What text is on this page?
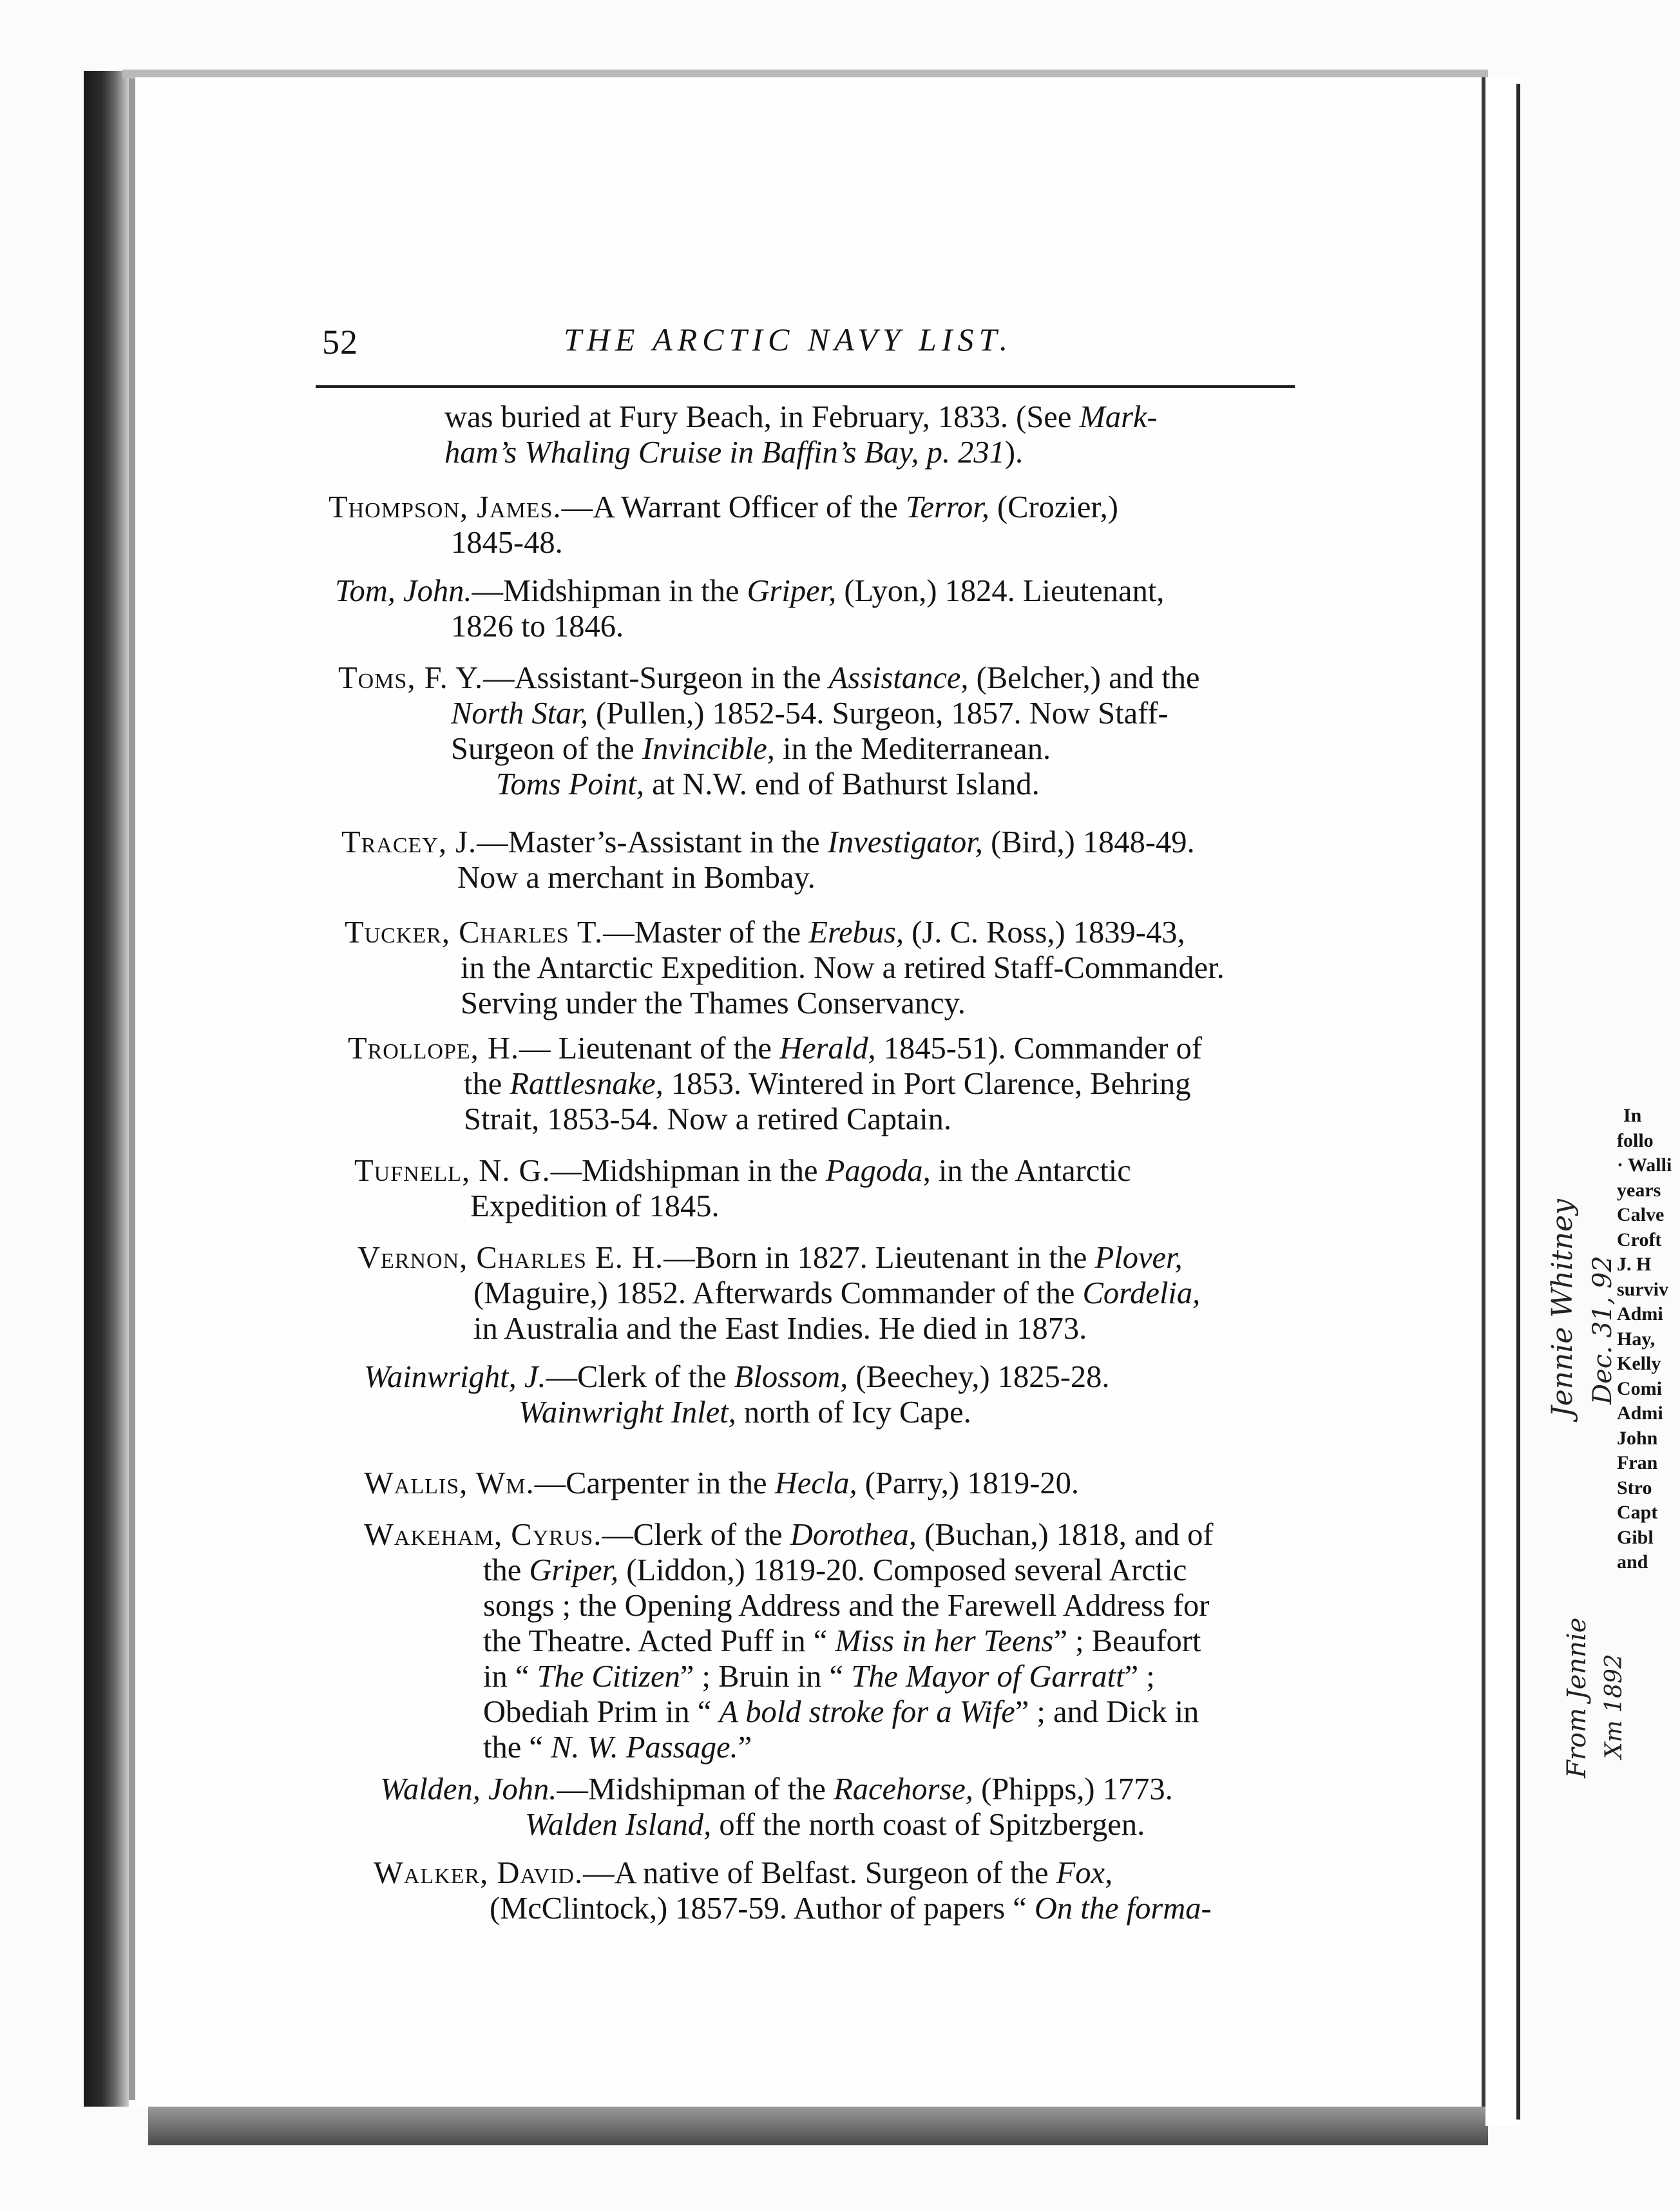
52	THE ARCTIC NAVY LIST.
was buried at Fury Beach, in February, 1833. (See Mark-
ham’s Whaling Cruise in Baffin’s Bay, p. 231).
Thompson, James.—A Warrant Officer of the Terror, (Crozier,)
1845-48.
Tom, John.—Midshipman in the Griper, (Lyon,) 1824. Lieutenant,
1826 to 1846.
Toms, F. Y.—Assistant-Surgeon in the Assistance, (Belcher,) and the
North Star, (Pullen,) 1852-54. Surgeon, 1857. Now Staff-
Surgeon of the Invincible, in the Mediterranean.
Toms Point, at N.W. end of Bathurst Island.
Tracey, J.—Master’s-Assistant in the Investigator, (Bird,) 1848-49.
Now a merchant in Bombay.
Tucker, Charles T.—Master of the Erebus, (J. C. Ross,) 1839-43,
in the Antarctic Expedition. Now a retired Staff-Commander.
Serving under the Thames Conservancy.
Trollope, H.— Lieutenant of the Herald, 1845-51). Commander of
the Rattlesnake, 1853. Wintered in Port Clarence, Behring
Strait, 1853-54. Now a retired Captain.
Tufnell, N. G.—Midshipman in the Pagoda, in the Antarctic
Expedition of 1845.
Vernon, Charles E. H.—Born in 1827. Lieutenant in the Plover,
(Maguire,) 1852. Afterwards Commander of the Cordelia,
in Australia and the East Indies. He died in 1873.
Wainwright, J.—Clerk of the Blossom, (Beechey,) 1825-28.
Wainwright Inlet, north of Icy Cape.
Wallis, Wm.—Carpenter in the Hecla, (Parry,) 1819-20.
Wakeham, Cyrus.—Clerk of the Dorothea, (Buchan,) 1818, and of
the Griper, (Liddon,) 1819-20. Composed several Arctic
songs ; the Opening Address and the Farewell Address for
the Theatre. Acted Puff in “ Miss in her Teens” ; Beaufort
in “ The Citizen” ; Bruin in “ The Mayor of Garratt” ;
Obediah Prim in “ A bold stroke for a Wife” ; and Dick in
the “ N. W. Passage.”
Walden, John.—Midshipman of the Racehorse, (Phipps,) 1773.
Walden Island, off the north coast of Spitzbergen.
Walker, David.—A native of Belfast. Surgeon of the Fox,
(McClintock,) 1857-59. Author of papers “ On the forma-
In
follo
· Walli
years
Calve
Croft
J. H
surviv
Admi
Hay,
Kelly
Comi
Admi
John
Fran
Stro
Capt
Gibl
and
Jennie Whitney Dec. 31, 92
From Jennie Xm 1892
